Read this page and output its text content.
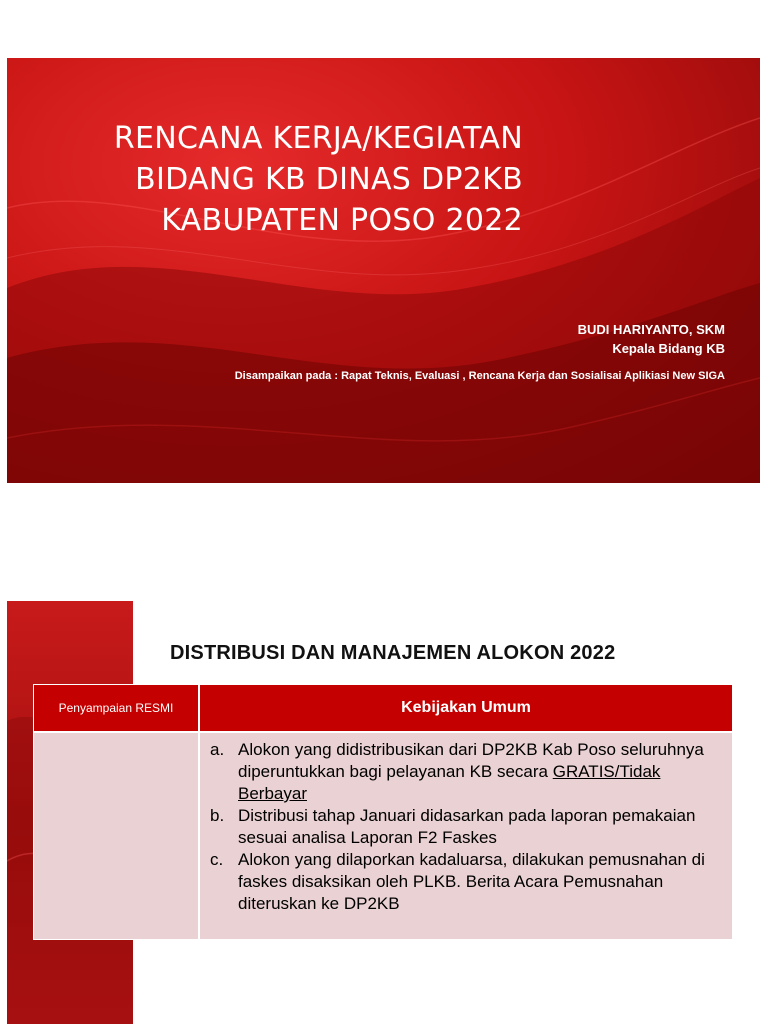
RENCANA KERJA/KEGIATAN
BIDANG KB DINAS DP2KB
KABUPATEN POSO 2022
BUDI HARIYANTO, SKM
Kepala Bidang KB
Disampaikan pada : Rapat Teknis, Evaluasi , Rencana Kerja dan Sosialisai Aplikiasi New SIGA
DISTRIBUSI DAN MANAJEMEN ALOKON 2022
Penyampaian RESMI	Kebijakan Umum
a. Alokon yang didistribusikan dari DP2KB Kab Poso seluruhnya diperuntukkan bagi pelayanan KB secara GRATIS/Tidak Berbayar
b. Distribusi tahap Januari didasarkan pada laporan pemakaian sesuai analisa Laporan F2 Faskes
c. Alokon yang dilaporkan kadaluarsa, dilakukan pemusnahan di faskes disaksikan oleh PLKB. Berita Acara Pemusnahan diteruskan ke DP2KB
